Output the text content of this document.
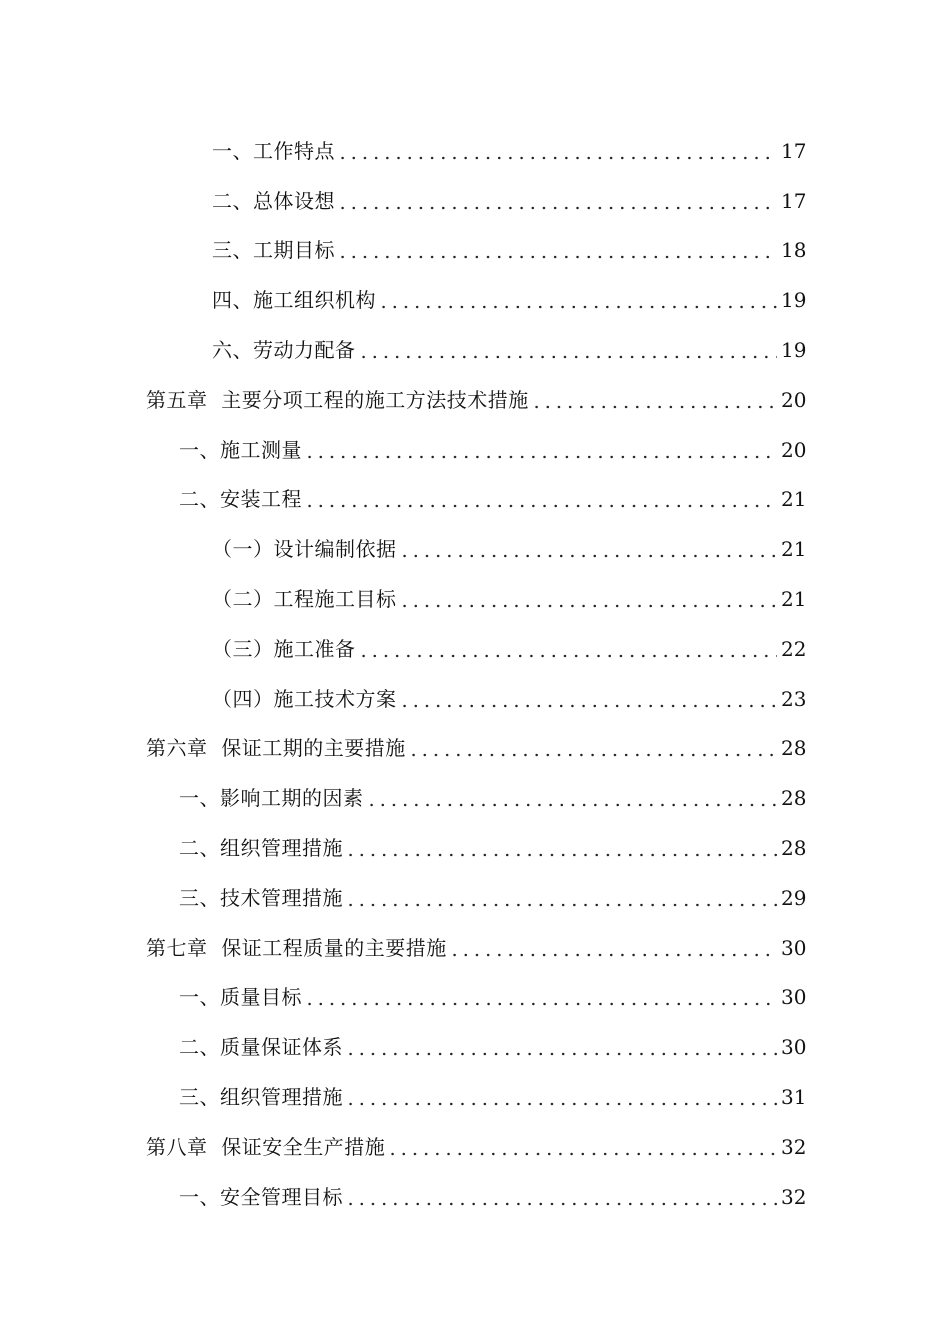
一、工作特点	17
二、总体设想	17
三、工期目标	18
四、施工组织机构	19
六、劳动力配备	19
第五章  主要分项工程的施工方法技术措施	20
一、施工测量	20
二、安装工程	21
（一）设计编制依据	21
（二）工程施工目标	21
（三）施工准备	22
（四）施工技术方案	23
第六章  保证工期的主要措施	28
一、影响工期的因素	28
二、组织管理措施	28
三、技术管理措施	29
第七章  保证工程质量的主要措施	30
一、质量目标	30
二、质量保证体系	30
三、组织管理措施	31
第八章  保证安全生产措施	32
一、安全管理目标	32
